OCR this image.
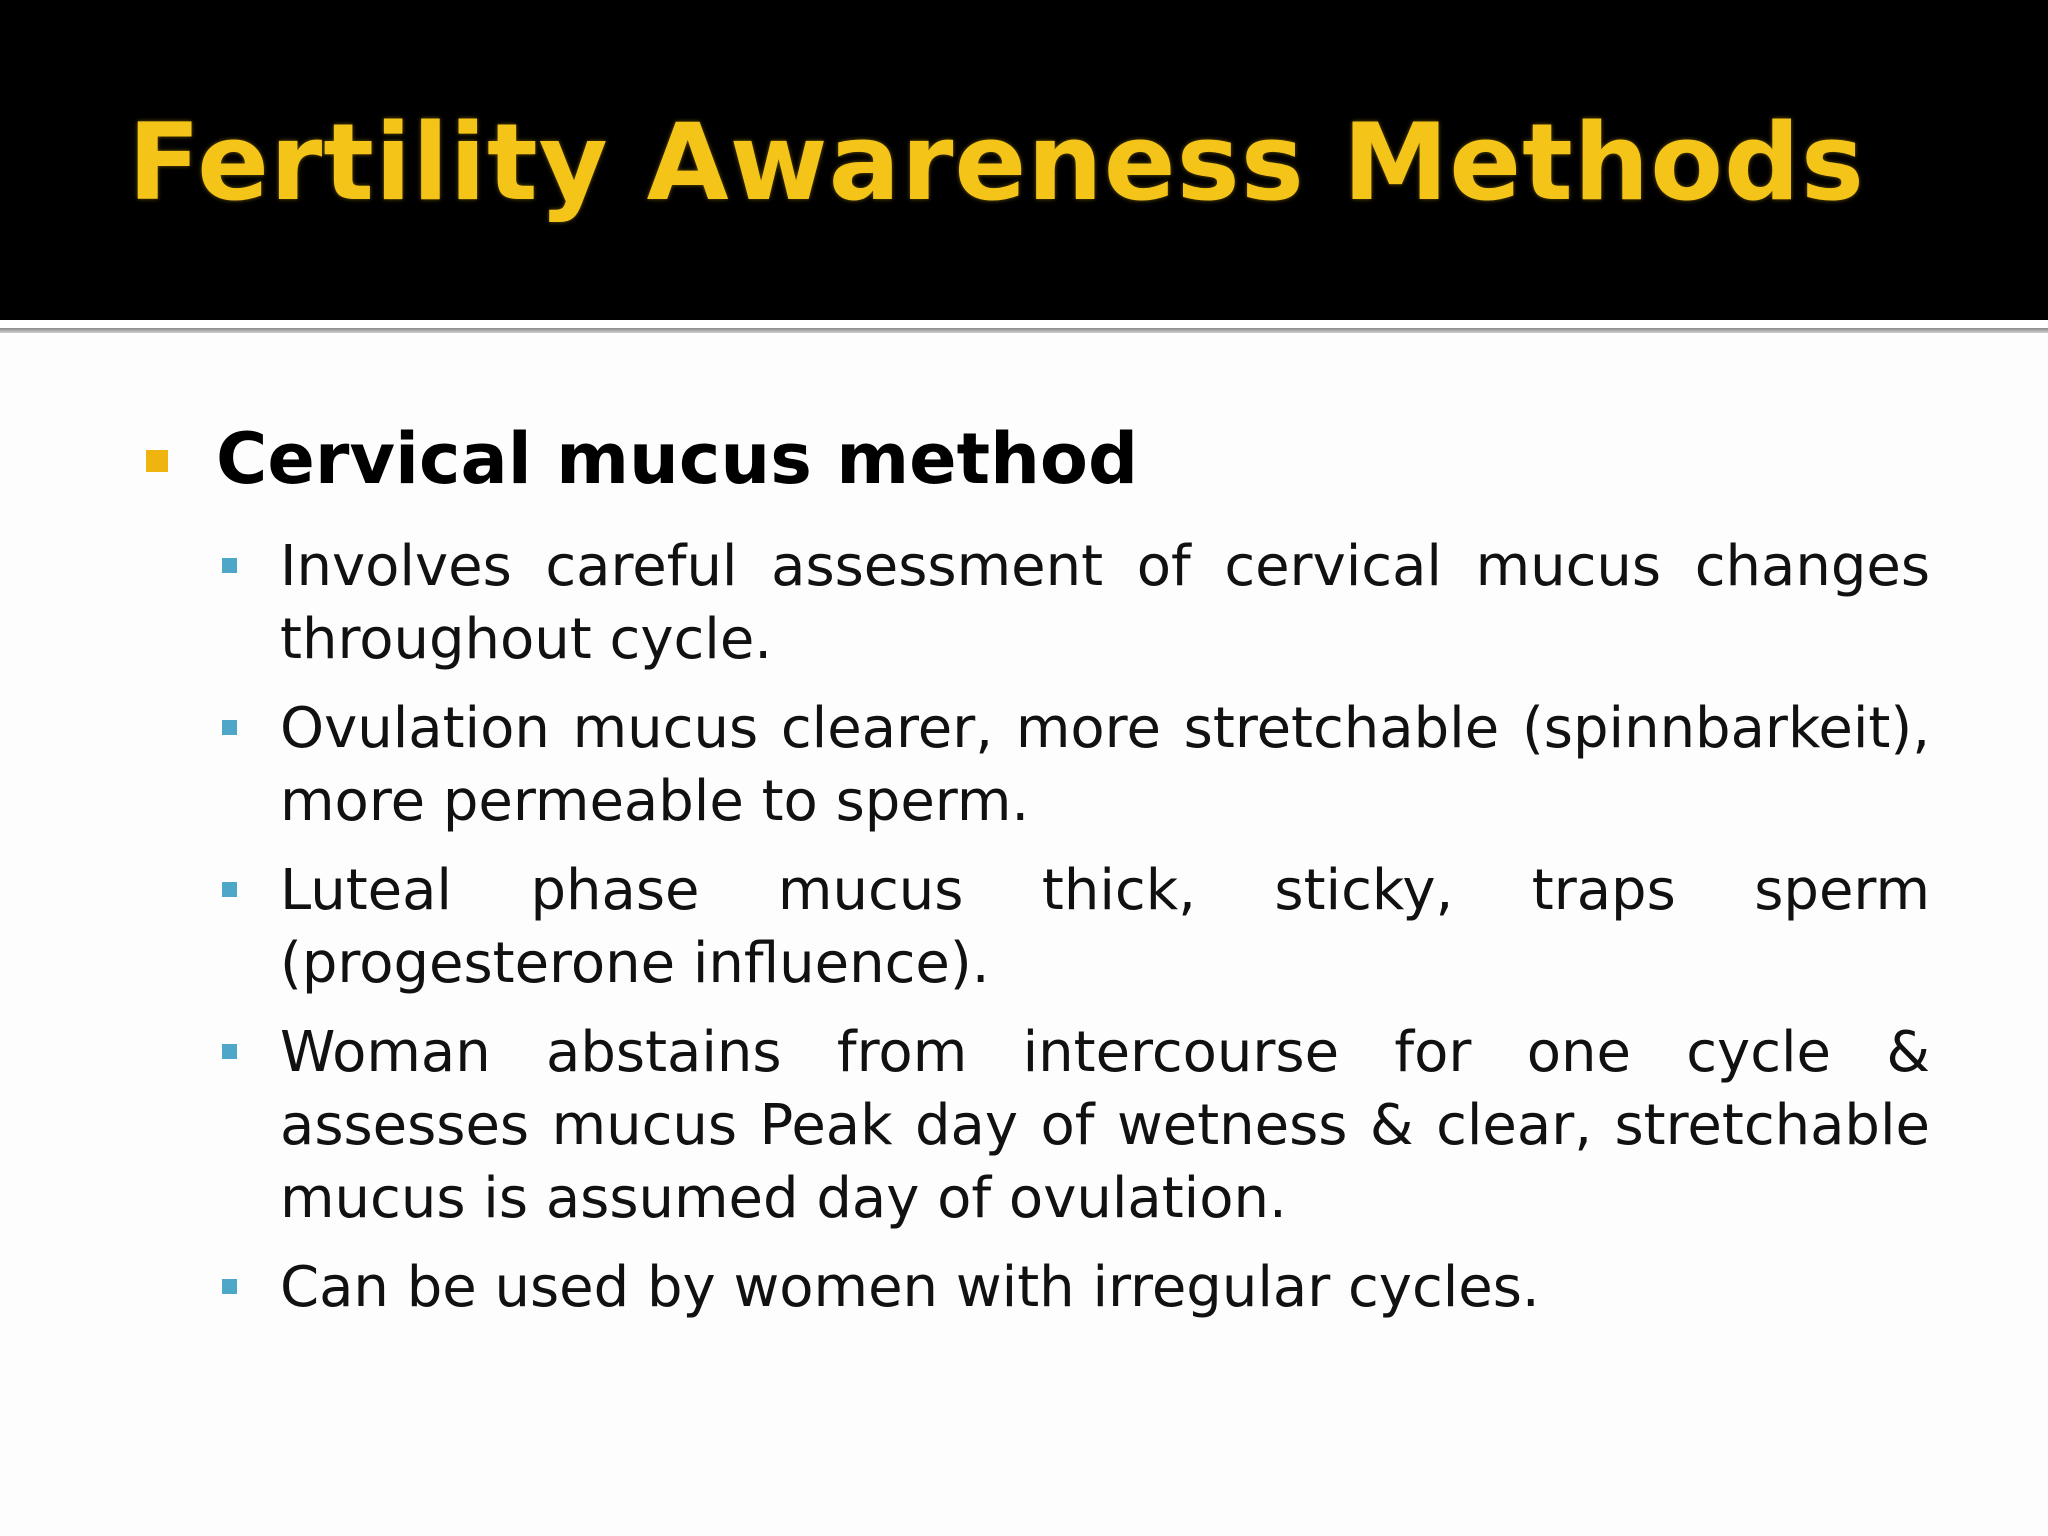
Fertility Awareness Methods
Cervical mucus method
Involves careful assessment of cervical mucus changes throughout cycle.
Ovulation mucus clearer, more stretchable (spinnbarkeit), more permeable to sperm.
Luteal phase mucus thick, sticky, traps sperm (progesterone influence).
Woman abstains from intercourse for one cycle & assesses mucus Peak day of wetness & clear, stretchable mucus is assumed day of ovulation.
Can be used by women with irregular cycles.
